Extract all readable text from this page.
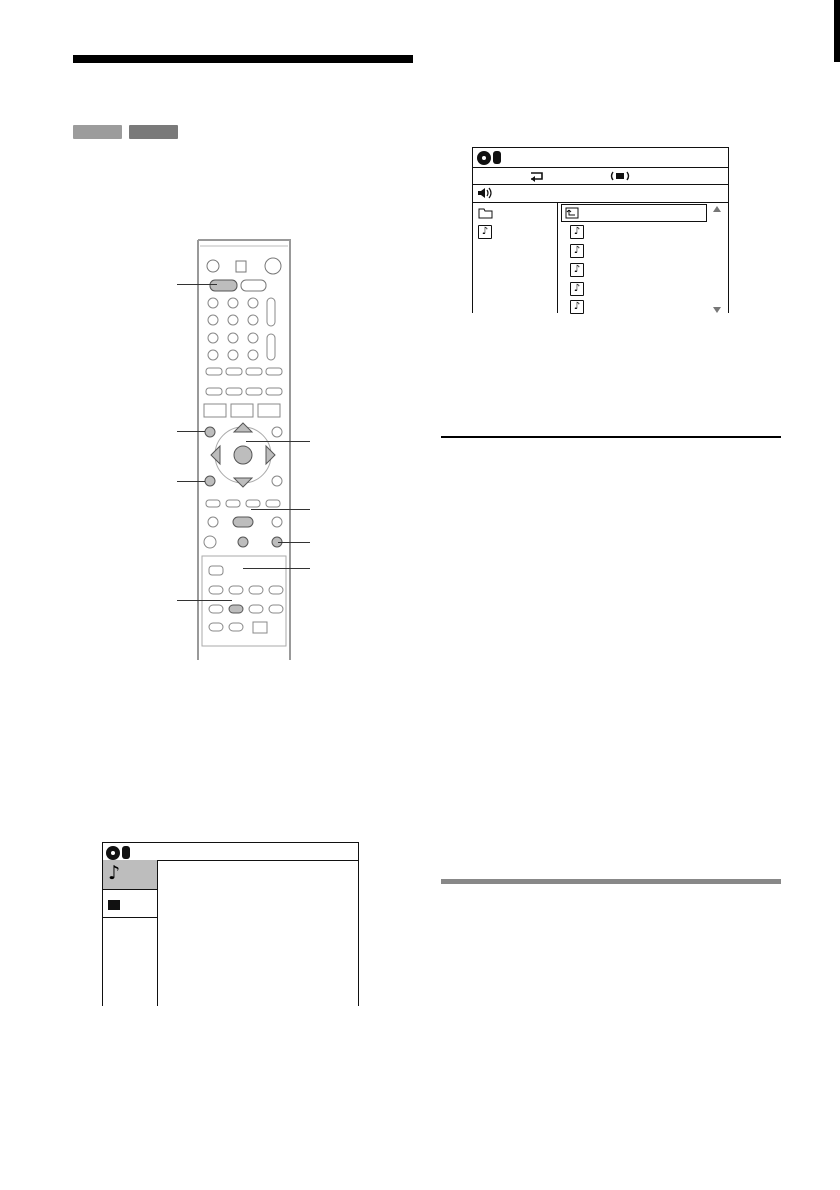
♪	♪
♪
♪
♪
♪
♪
